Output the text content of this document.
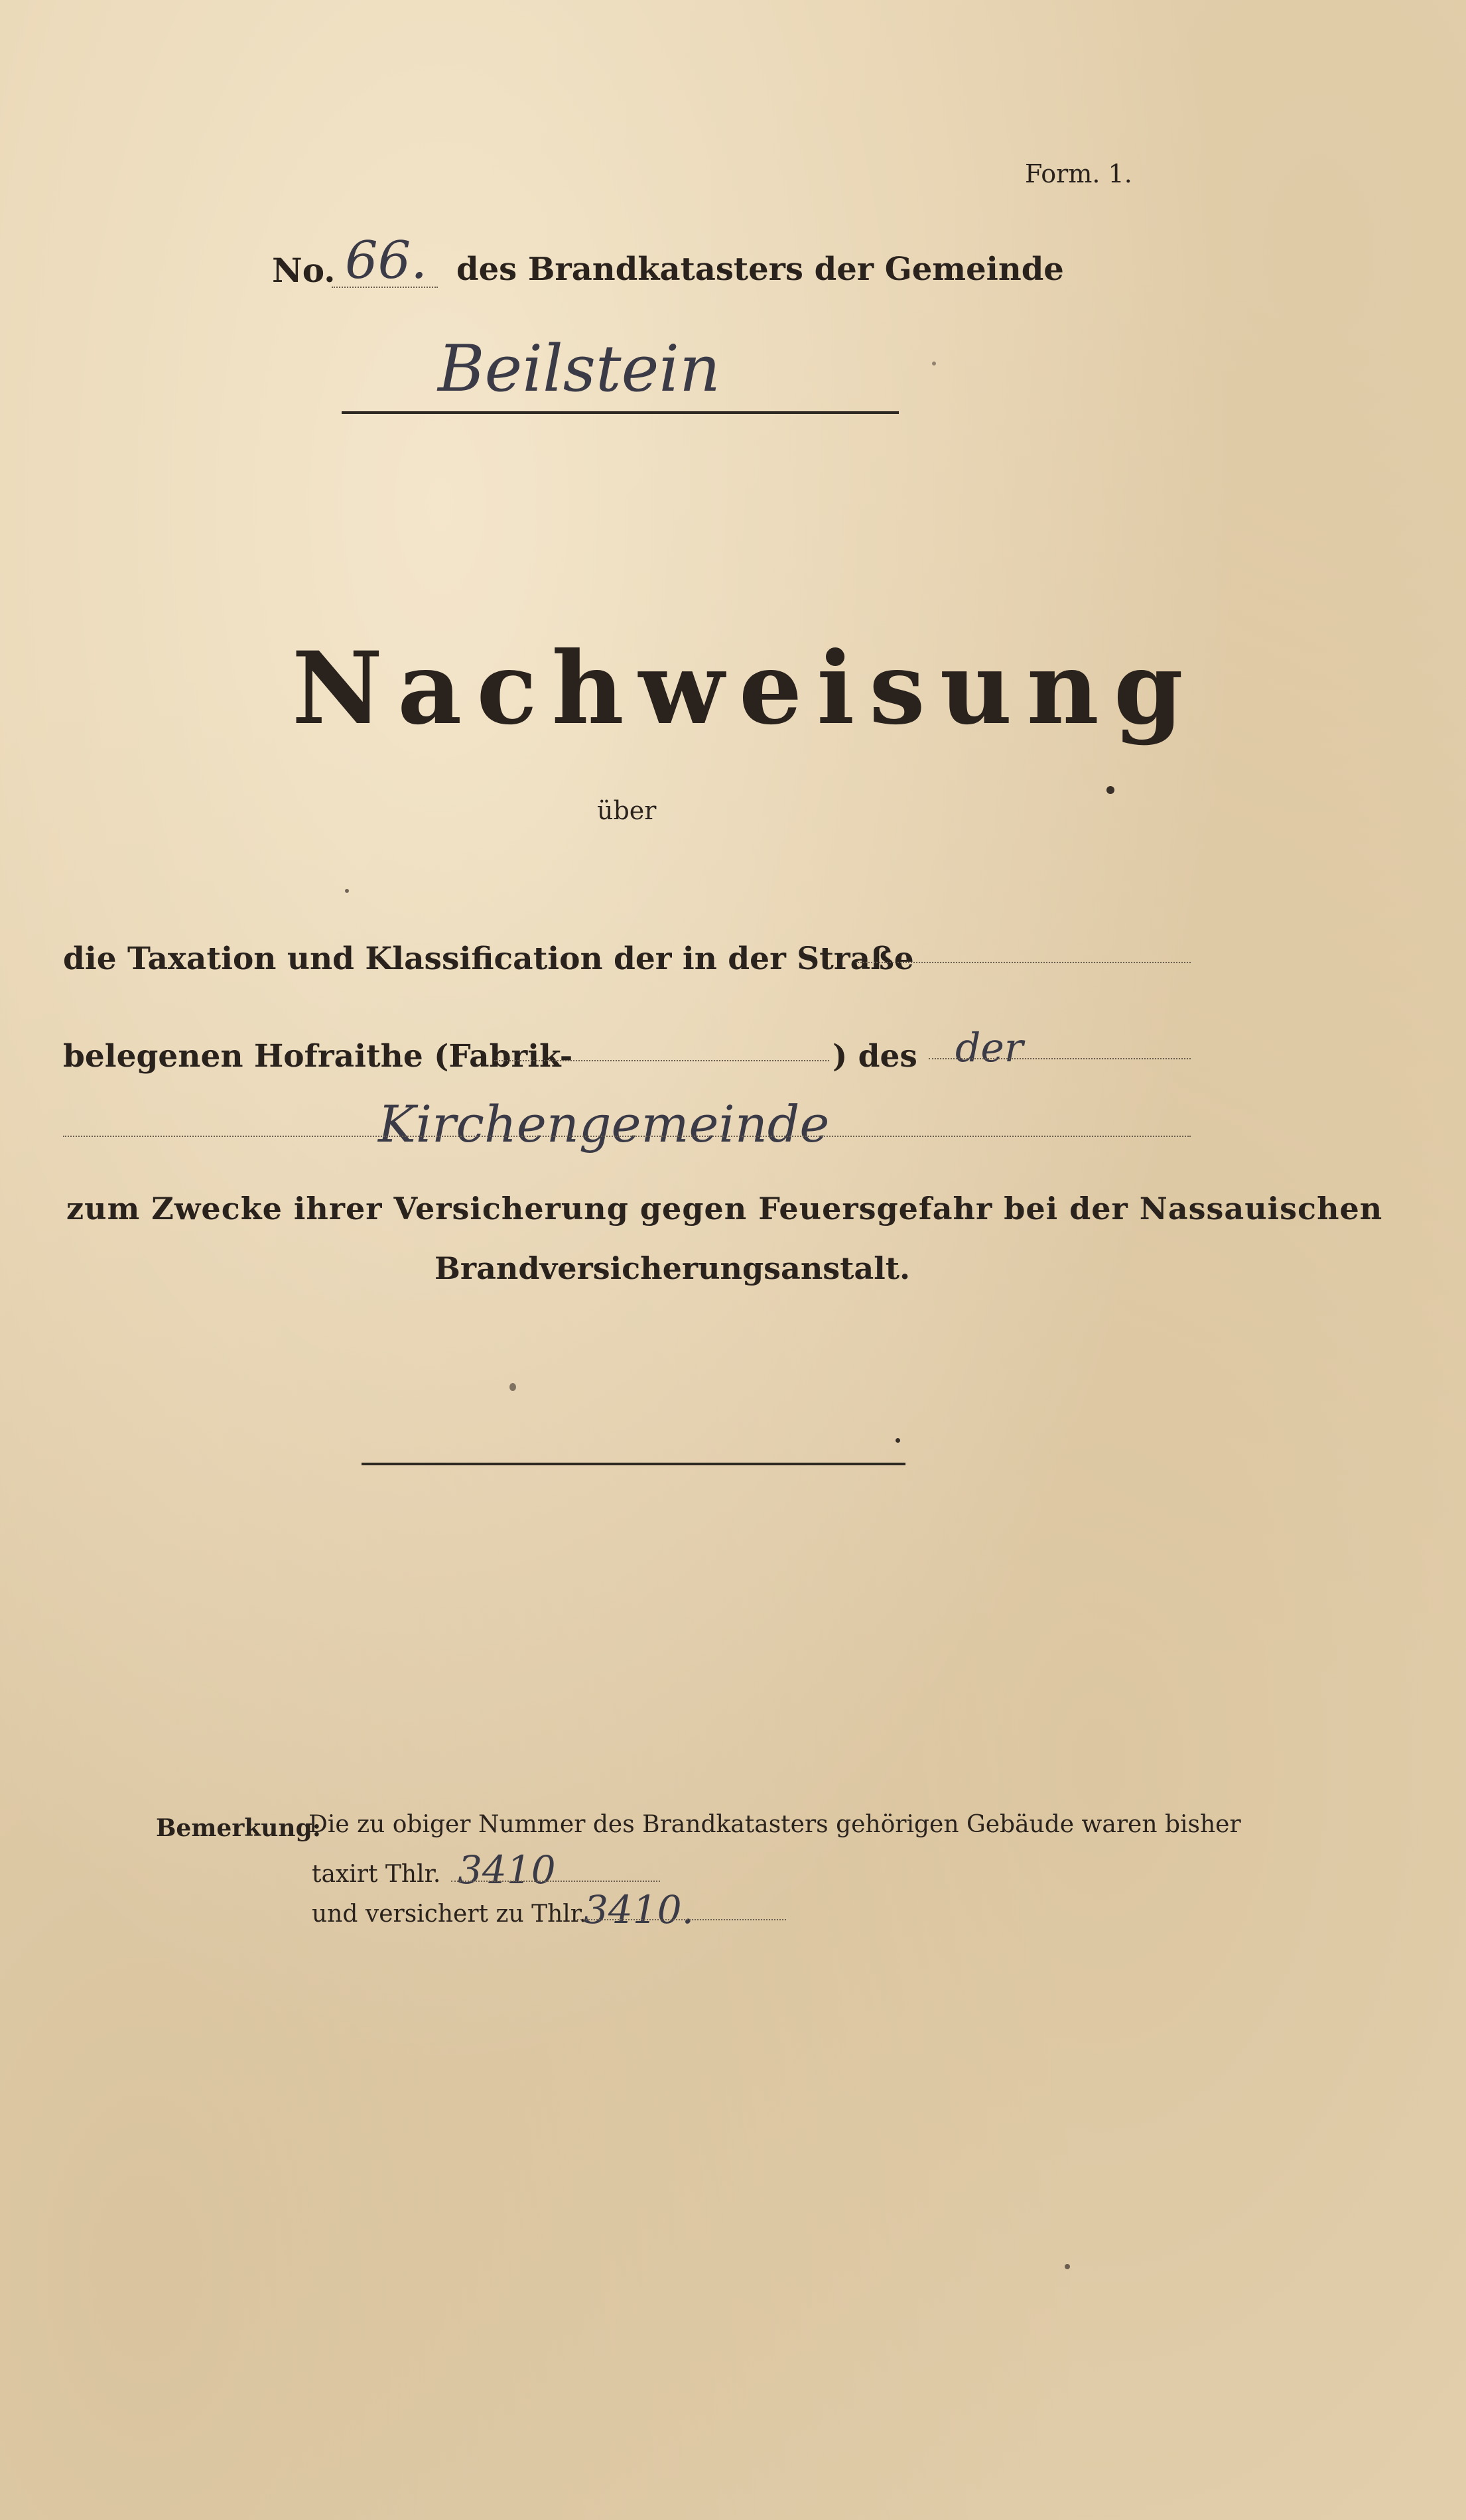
Form. 1.
No. 66. des Brandkatasters der Gemeinde
Beilstein
Nachweisung
über
die Taxation und Klassification der in der Straße
belegenen Hofraithe (Fabrik-	) des der
Kirchengemeinde
zum Zwecke ihrer Versicherung gegen Feuersgefahr bei der Nassauischen
Brandversicherungsanstalt.
Bemerkung:
Die zu obiger Nummer des Brandkatasters gehörigen Gebäude waren bisher
taxirt Thlr. 3410
und versichert zu Thlr.
3410.
